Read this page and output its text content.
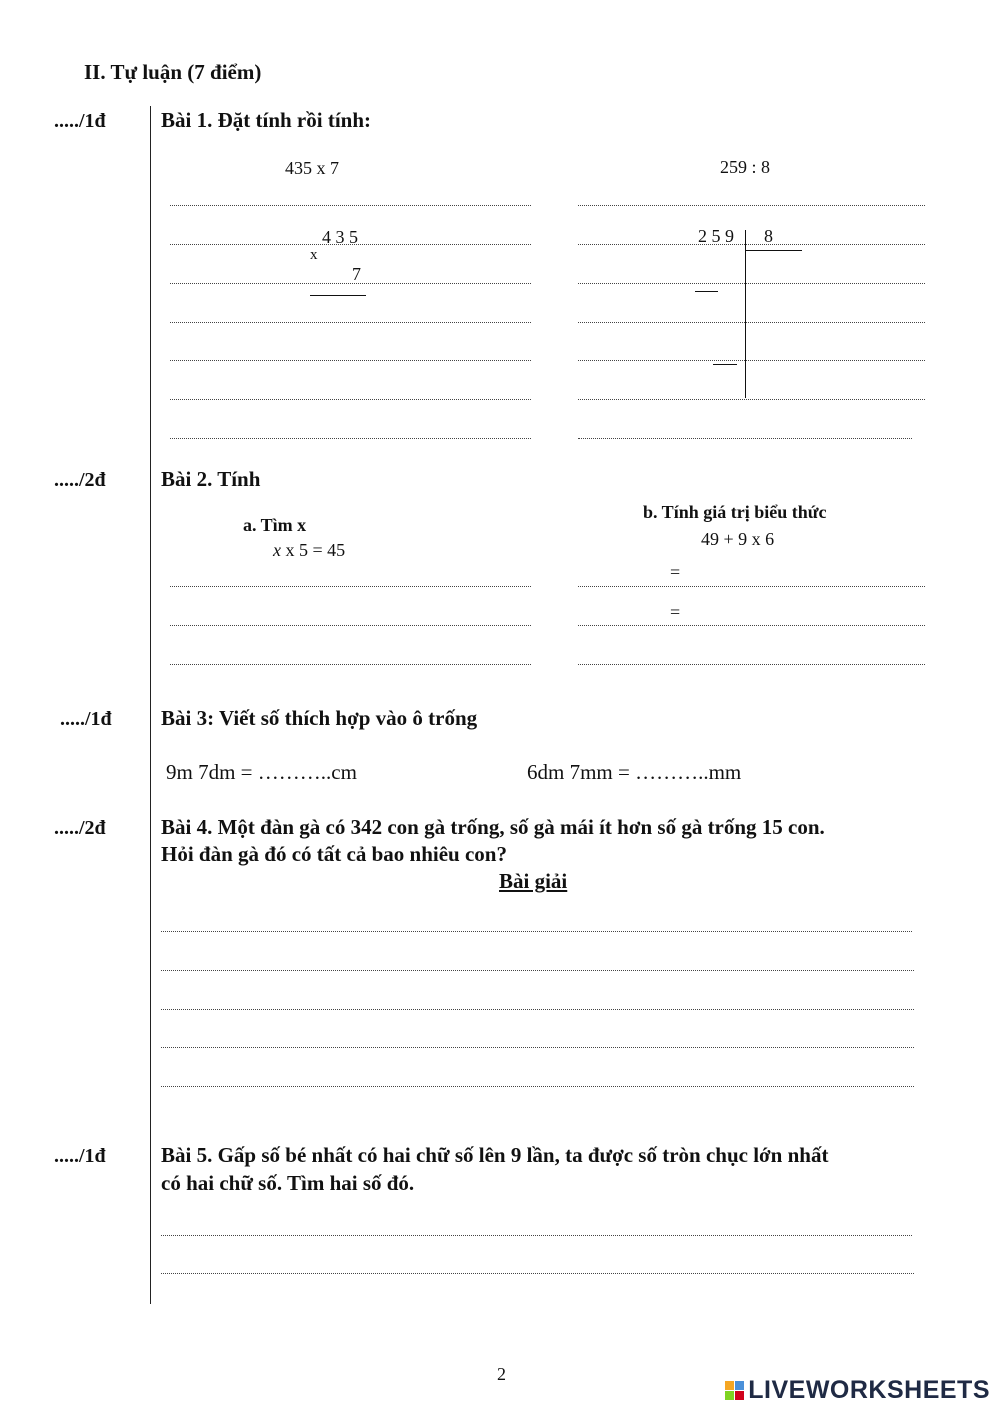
II. Tự luận (7 điểm)
...../1đ	Bài 1. Đặt tính rồi tính:
435 x 7	259 : 8
4 3 5
x
7
2 5 9 8
...../2đ	Bài 2. Tính
a. Tìm x
x x 5 = 45
b. Tính giá trị biểu thức
49 + 9 x 6
=
=
...../1đ Bài 3: Viết số thích hợp vào ô trống
9m 7dm = ………..cm	6dm 7mm = ………..mm
...../2đ	Bài 4. Một đàn gà có 342 con gà trống, số gà mái ít hơn số gà trống 15 con.
Hỏi đàn gà đó có tất cả bao nhiêu con?
Bài giải
...../1đ	Bài 5. Gấp số bé nhất có hai chữ số lên 9 lần, ta được số tròn chục lớn nhất
có hai chữ số. Tìm hai số đó.
2
LIVEWORKSHEETS
